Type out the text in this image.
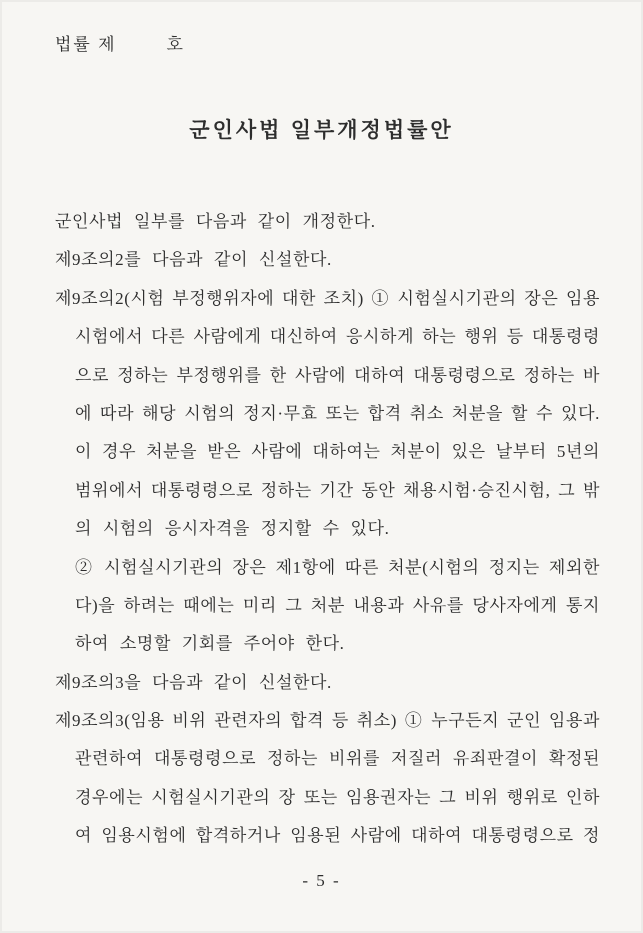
법률 제        호
군인사법 일부개정법률안
군인사법 일부를 다음과 같이 개정한다.
제9조의2를 다음과 같이 신설한다.
제9조의2(시험 부정행위자에 대한 조치) ① 시험실시기관의 장은 임용
시험에서 다른 사람에게 대신하여 응시하게 하는 행위 등 대통령령
으로 정하는 부정행위를 한 사람에 대하여 대통령령으로 정하는 바
에 따라 해당 시험의 정지·무효 또는 합격 취소 처분을 할 수 있다.
이 경우 처분을 받은 사람에 대하여는 처분이 있은 날부터 5년의
범위에서 대통령령으로 정하는 기간 동안 채용시험·승진시험, 그 밖
의 시험의 응시자격을 정지할 수 있다.
② 시험실시기관의 장은 제1항에 따른 처분(시험의 정지는 제외한
다)을 하려는 때에는 미리 그 처분 내용과 사유를 당사자에게 통지
하여 소명할 기회를 주어야 한다.
제9조의3을 다음과 같이 신설한다.
제9조의3(임용 비위 관련자의 합격 등 취소) ① 누구든지 군인 임용과
관련하여 대통령령으로 정하는 비위를 저질러 유죄판결이 확정된
경우에는 시험실시기관의 장 또는 임용권자는 그 비위 행위로 인하
여 임용시험에 합격하거나 임용된 사람에 대하여 대통령령으로 정
- 5 -
